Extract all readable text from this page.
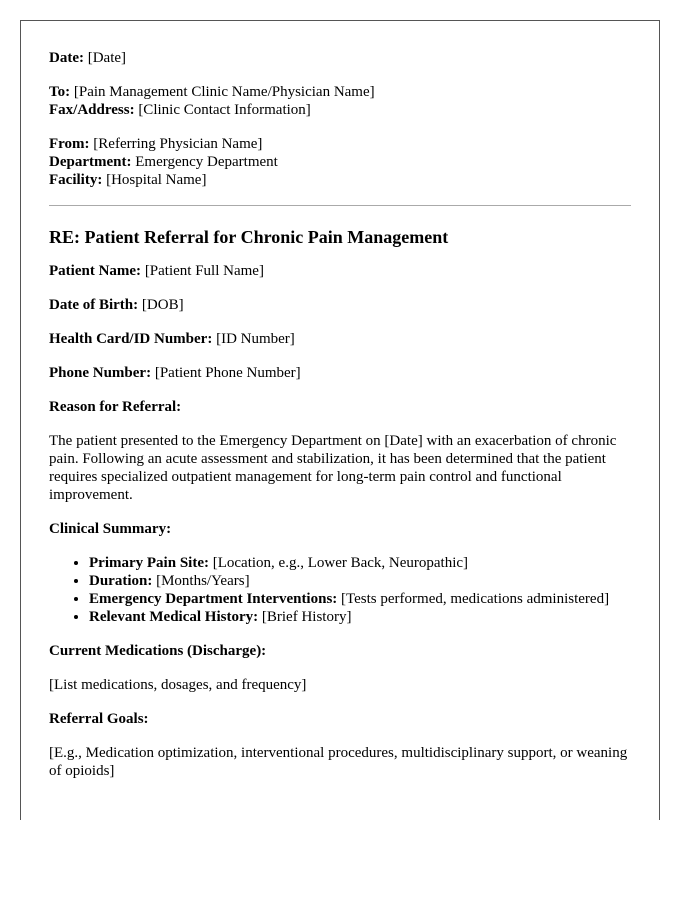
Date: [Date]

To: [Pain Management Clinic Name/Physician Name]

Fax/Address: [Clinic Contact Information]

From: [Referring Physician Name]

Department: Emergency Department

Facility: [Hospital Name]

RE: Patient Referral for Chronic Pain Management

Patient Name: [Patient Full Name]

Date of Birth: [DOB]

Health Card/ID Number: [ID Number]

Phone Number: [Patient Phone Number]

Reason for Referral:

The patient presented to the Emergency Department on [Date] with an exacerbation of chronic pain. Following an acute assessment and stabilization, it has been determined that the patient requires specialized outpatient management for long-term pain control and functional improvement.

Clinical Summary:

• Primary Pain Site: [Location, e.g., Lower Back, Neuropathic]
• Duration: [Months/Years]
• Emergency Department Interventions: [Tests performed, medications administered]
• Relevant Medical History: [Brief History]

Current Medications (Discharge):

[List medications, dosages, and frequency]

Referral Goals:

[E.g., Medication optimization, interventional procedures, multidisciplinary support, or weaning of opioids]
